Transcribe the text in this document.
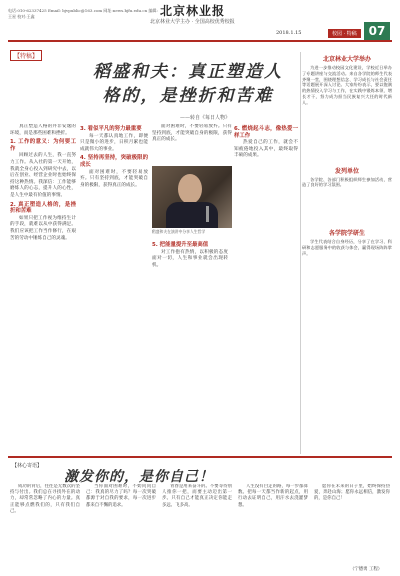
电话:010-62337425 Email: bjvpublic@163.com 网址:news.bjfu.edu.cn 编辑:王星 校对:王鑫	北京林业报
北京林业大学主办 · 全国高校优秀校报
2018.1.15	校园 · 特稿 07
【特稿】
稻盛和夫：真正塑造人
格的，是挫折和苦难
——转自《每日人物》

真正塑造人格的并非安逸的环境，而是那些困难和挫折。

1. 工作的意义：为何要工作

回顾过去的人生，我一直努力工作。从入社的第一天开始，我就全身心投入到研究中去，以后在创业、经营企业时也始终保持这种热情。我深信：工作能够磨炼人的心志，提升人的心性，是人生中最有价值的事情。

2. 真正塑造人格的，是挫折和苦难

如果只把工作视为维持生计的手段，就难以从中获得满足。我们应该把工作当作修行，在艰苦的劳动中锤炼自己的灵魂。

3. 看似平凡的努力最重要

每一天都认真地工作，即便只是微小的进步，日积月累也能成就伟大的事业。

4. 坚持再坚持，突破极限的成长

面对困难时，不要轻易放弃。只有坚持到底，才能突破自身的极限，获得真正的成长。

稻盛和夫在演讲中分享人生哲学

面对困难时，不要轻易放弃。只有坚持到底，才能突破自身的极限，获得真正的成长。

5. 把能量提升至最高值

对工作抱有热情，以积极的态度面对一切，人生和事业就会出现转机。

6. 燃烧起斗志，像热爱一样工作

热爱自己的工作，就会不知疲倦地投入其中，最终取得丰硕的成果。

北京林业大学举办

为进一步推动校园文化建设，学校近日举办了专题讲座与交流活动。来自各学院的师生代表齐聚一堂，围绕理想信念、学习成长与社会责任等话题展开深入讨论。大家纷纷表示，要以饱满的热情投入学习与工作，在实践中锻炼本领、增长才干，努力成为担当民族复兴大任的时代新人。

发列单位

各学院、各部门积极组织师生参加活动，营造了良好的学习氛围。

各学院学研生

学生代表结合自身经历，分享了在学习、科研和志愿服务中的收获与体会，赢得现场阵阵掌声。

【林心寄语】
激发你的，是你自己！

成功的背后，往往是无数次的坚持与付出。我们总在寻找外在的动力，却常常忽略了内心的力量。真正能够点燃我们的，只有我们自己。

当你面对困难时，不妨问问自己：我真的尽力了吗？每一次突破都源于对自我的要求，每一次进步都来自不懈的追求。

青春是用来奋斗的。不要等待别人推你一把，而要主动迈出第一步。只有自己才能真正决定你能走多远、飞多高。

人生没有白走的路，每一步都算数。把每一天都当作新的起点，用行动去证明自己，用汗水去浇灌梦想。

愿你在未来的日子里，始终保持热爱，奔赴山海；愿你永远相信，激发你的，是你自己！

（宁德勇 工程）
